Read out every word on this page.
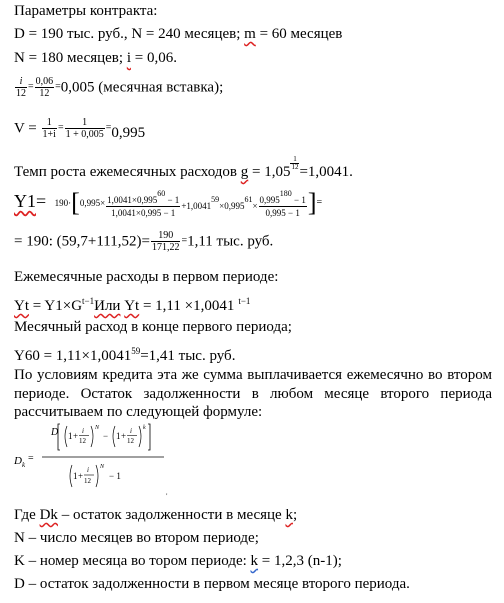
Параметры контракта:
D = 190 тыс. руб., N = 240 месяцев; m = 60 месяцев
N = 180 месяцев; i = 0,06.
$\frac{i}{12} = \frac{0,06}{12} =0,005$ (месячная вставка);
$V = \frac{1}{1+i} = \frac{1}{1 + 0,005} =0,995$
Темп роста ежемесячных расходов g = 1,05
$\frac{1}{12}$
=1,0041.
$Y1= 190\cdot[0,995\times \frac{1,0041\times 0,99560 - 1}{1,0041\times 0,995 - 1} +1,004159\times 0,99561\times \frac{0,995180 - 1}{0,995 - 1}$ ]=
= 190: $(59,7+111,52)= \frac{190}{171,22} =1,11$ тыс. руб.
Ежемесячные расходы в первом периоде:
$Yt = Y1\times G^{t-1}Или$ Yt = 1,11 ×1,0041 $^{t-1}$
Месячный расход в конце первого периода;
$Y60 = 1,11\times 1,0041^{59}=1,41$ тыс. руб.
По условиям кредита эта же сумма выплачивается ежемесячно во втором периоде. Остаток задолженности в любом месяце второго периода рассчитываем по следующей формуле:
D k
=
D 1 + i
12
N
− 1 + i
12
k
1 +
i
12
N
− 1
,
Где Dk – остаток задолженности в месяце k;
N – число месяцев во втором периоде;
K – номер месяца во тором периоде: k = 1,2,3 (n-1);
D – остаток задолженности в первом месяце второго периода.
